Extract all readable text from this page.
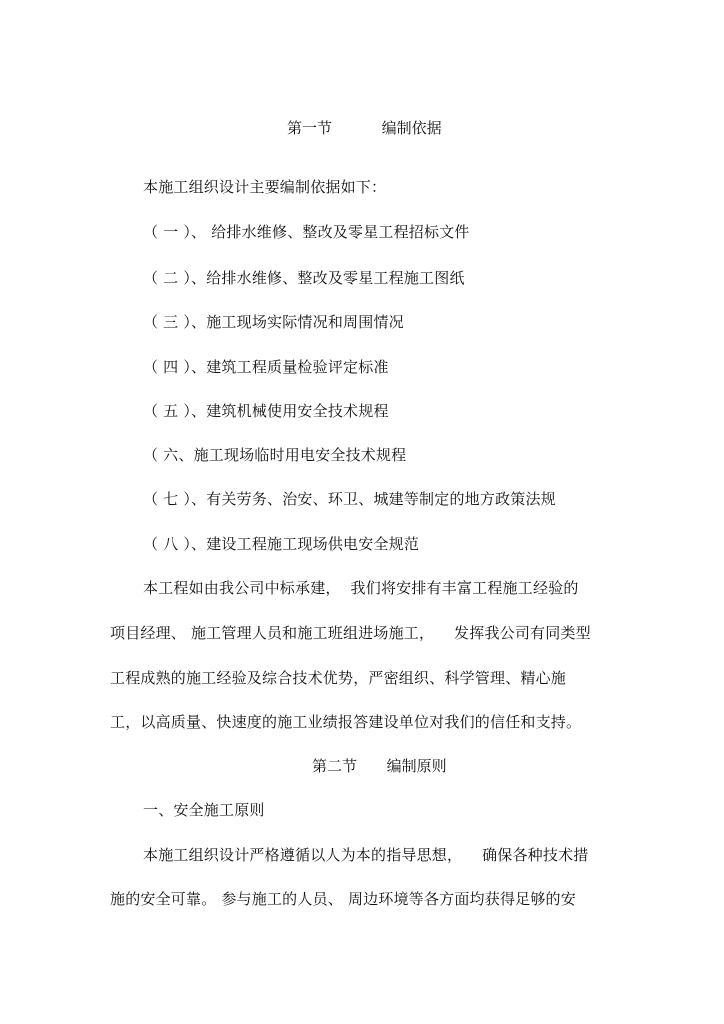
第一节	编制依据
本施工组织设计主要编制依据如下：
（ 一 ）、 给排水维修、整改及零星工程招标文件
（ 二 ）、给排水维修、整改及零星工程施工图纸
（ 三 ）、施工现场实际情况和周围情况
（ 四 ）、建筑工程质量检验评定标准
（ 五 ）、建筑机械使用安全技术规程
（ 六、施工现场临时用电安全技术规程
（ 七 ）、有关劳务、治安、环卫、城建等制定的地方政策法规
（ 八 ）、建设工程施工现场供电安全规范
本工程如由我公司中标承建，  我们将安排有丰富工程施工经验的
项目经理、 施工管理人员和施工班组进场施工，    发挥我公司有同类型
工程成熟的施工经验及综合技术优势，严密组织、科学管理、精心施
工，以高质量、快速度的施工业绩报答建设单位对我们的信任和支持。
第二节 编制原则
一、安全施工原则
本施工组织设计严格遵循以人为本的指导思想，    确保各种技术措
施的安全可靠。 参与施工的人员、 周边环境等各方面均获得足够的安
